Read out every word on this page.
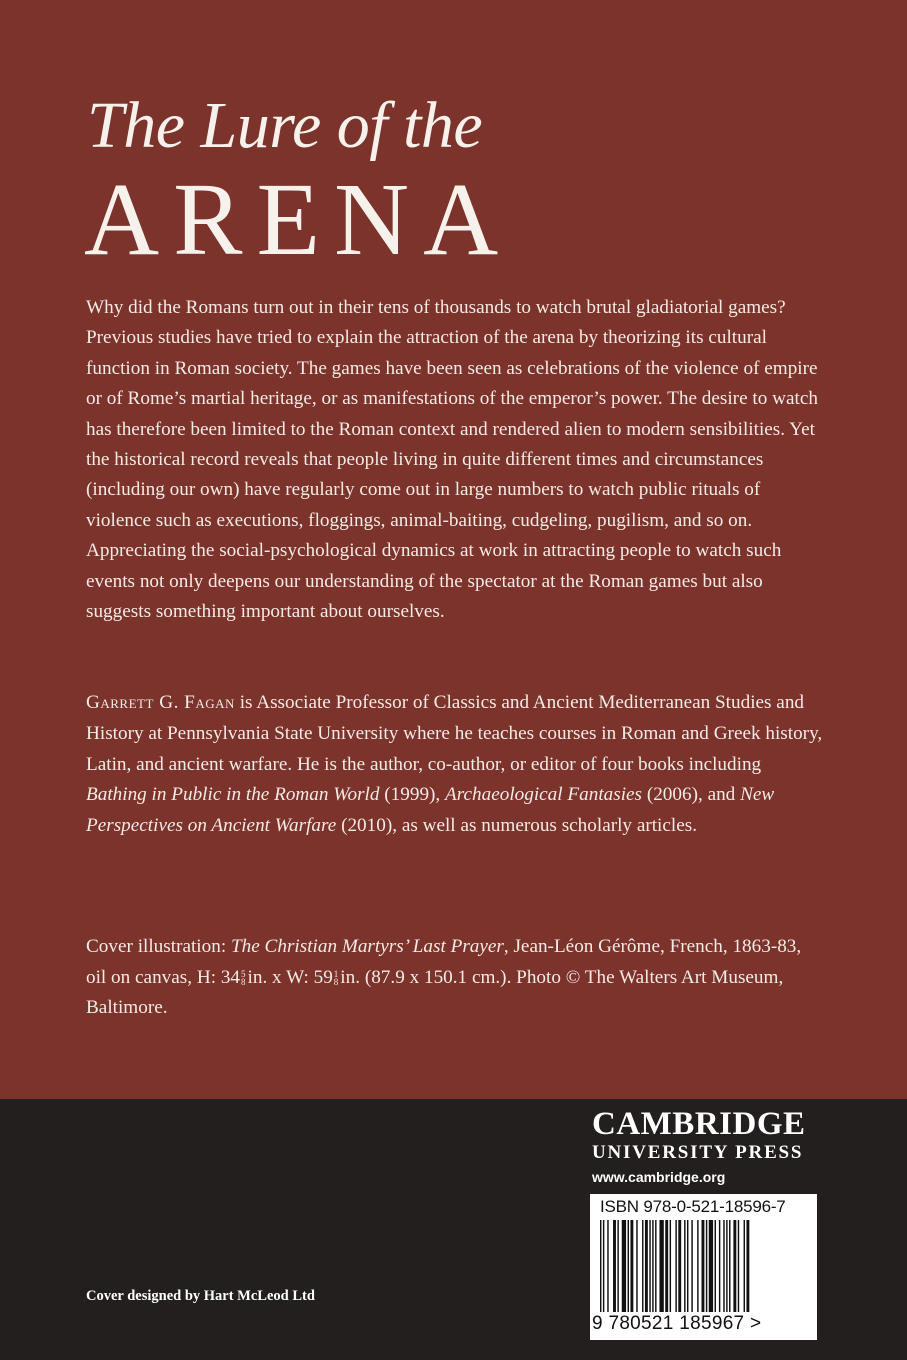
The Lure of the
ARENA

Why did the Romans turn out in their tens of thousands to watch brutal gladiatorial games? Previous studies have tried to explain the attraction of the arena by theorizing its cultural function in Roman society. The games have been seen as celebrations of the violence of empire or of Rome’s martial heritage, or as manifestations of the emperor’s power. The desire to watch has therefore been limited to the Roman context and rendered alien to modern sensibilities. Yet the historical record reveals that people living in quite different times and circumstances (including our own) have regularly come out in large numbers to watch public rituals of violence such as executions, floggings, animal-baiting, cudgeling, pugilism, and so on. Appreciating the social-psychological dynamics at work in attracting people to watch such events not only deepens our understanding of the spectator at the Roman games but also suggests something important about ourselves.

Garrett G. Fagan is Associate Professor of Classics and Ancient Mediterranean Studies and History at Pennsylvania State University where he teaches courses in Roman and Greek history, Latin, and ancient warfare. He is the author, co-author, or editor of four books including Bathing in Public in the Roman World (1999), Archaeological Fantasies (2006), and New Perspectives on Ancient Warfare (2010), as well as numerous scholarly articles.

Cover illustration: The Christian Martyrs’ Last Prayer, Jean-Léon Gérôme, French, 1863-83, oil on canvas, H: 34 5
8 in. x W: 59 1
8 in. (87.9 x 150.1 cm.). Photo © The Walters Art Museum, Baltimore.

CAMBRIDGE
UNIVERSITY PRESS
www.cambridge.org
ISBN 978-0-521-18596-7
9 780521 185967 >
Cover designed by Hart McLeod Ltd
